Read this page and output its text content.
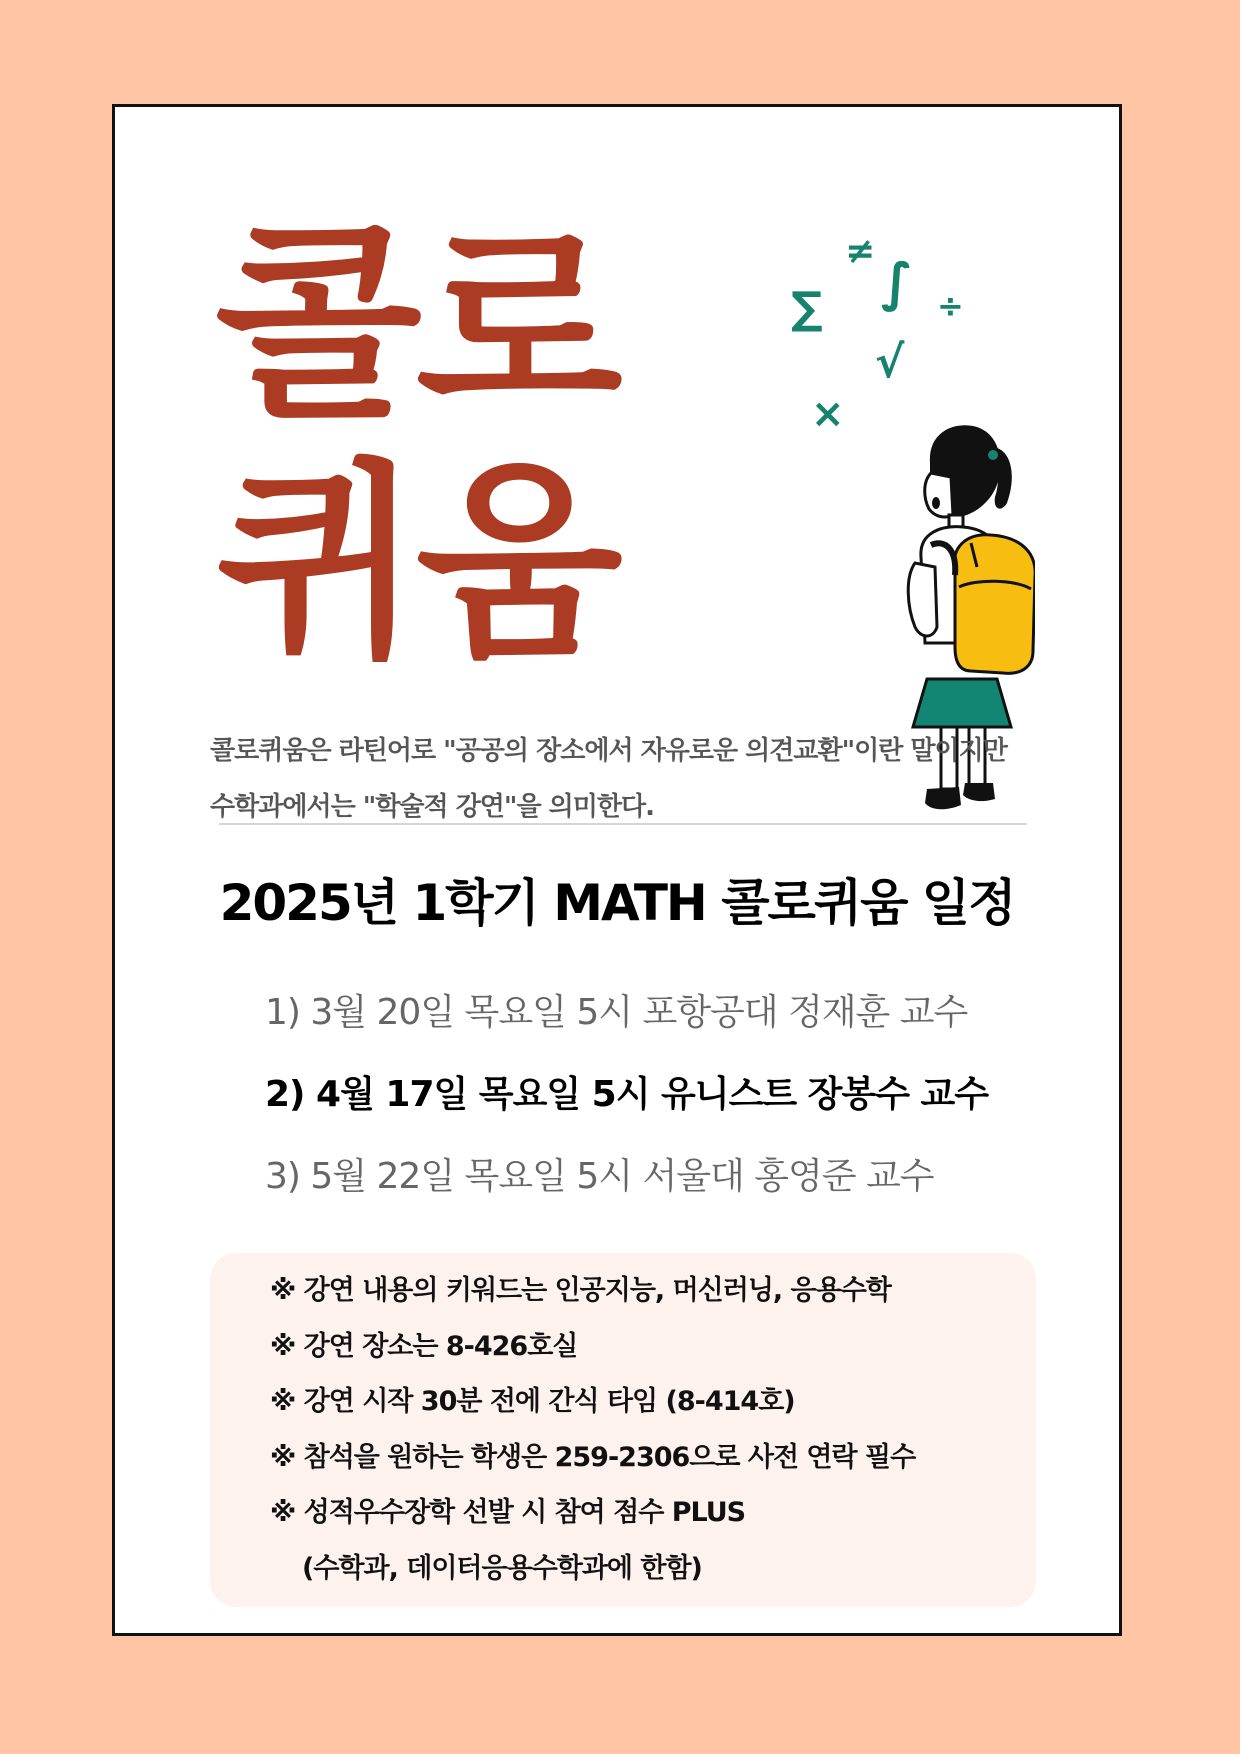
콜로
퀴움
≠
∫
∑	÷
√
×
콜로퀴움은 라틴어로 "공공의 장소에서 자유로운 의견교환"이란 말이지만
수학과에서는 "학술적 강연"을 의미한다.
2025년 1학기 MATH 콜로퀴움 일정
1) 3월 20일 목요일 5시 포항공대 정재훈 교수
2) 4월 17일 목요일 5시 유니스트 장봉수 교수
3) 5월 22일 목요일 5시 서울대 홍영준 교수
※ 강연 내용의 키워드는 인공지능, 머신러닝, 응용수학
※ 강연 장소는 8-426호실
※ 강연 시작 30분 전에 간식 타임 (8-414호)
※ 참석을 원하는 학생은 259-2306으로 사전 연락 필수
※ 성적우수장학 선발 시 참여 점수 PLUS
(수학과, 데이터응용수학과에 한함)
